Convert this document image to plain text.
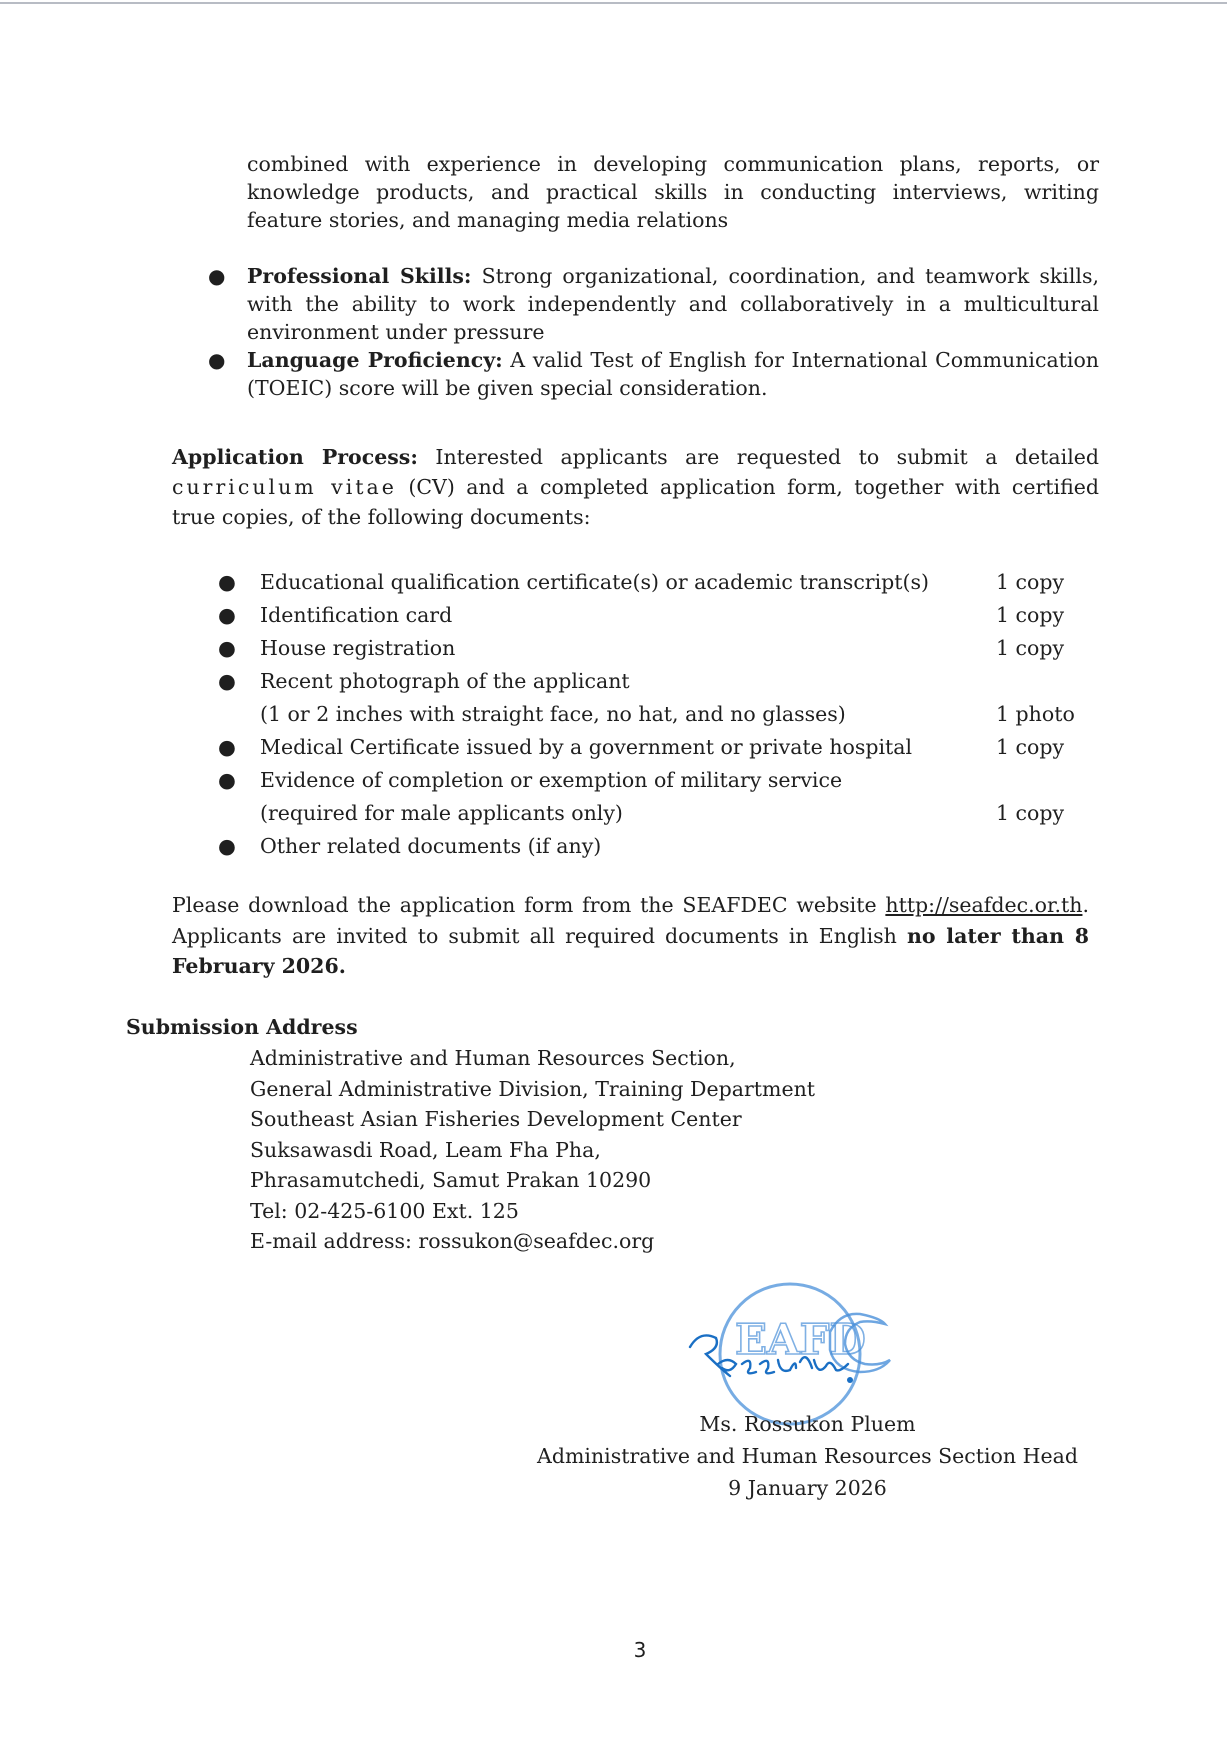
combined with experience in developing communication plans, reports, or knowledge products, and practical skills in conducting interviews, writing feature stories, and managing media relations

● Professional Skills: Strong organizational, coordination, and teamwork skills, with the ability to work independently and collaboratively in a multicultural environment under pressure
● Language Proficiency: A valid Test of English for International Communication (TOEIC) score will be given special consideration.

Application Process: Interested applicants are requested to submit a detailed curriculum vitae (CV) and a completed application form, together with certified true copies, of the following documents:

● Educational qualification certificate(s) or academic transcript(s)	1 copy
● Identification card	1 copy
● House registration	1 copy
● Recent photograph of the applicant
(1 or 2 inches with straight face, no hat, and no glasses)	1 photo
● Medical Certificate issued by a government or private hospital	1 copy
● Evidence of completion or exemption of military service
(required for male applicants only)	1 copy
● Other related documents (if any)

Please download the application form from the SEAFDEC website http://seafdec.or.th. Applicants are invited to submit all required documents in English no later than 8 February 2026.

Submission Address
Administrative and Human Resources Section,
General Administrative Division, Training Department
Southeast Asian Fisheries Development Center
Suksawasdi Road, Leam Fha Pha,
Phrasamutchedi, Samut Prakan 10290
Tel: 02-425-6100 Ext. 125
E-mail address: rossukon@seafdec.org
EAFD
Ms. Rossukon Pluem
Administrative and Human Resources Section Head
9 January 2026
3
